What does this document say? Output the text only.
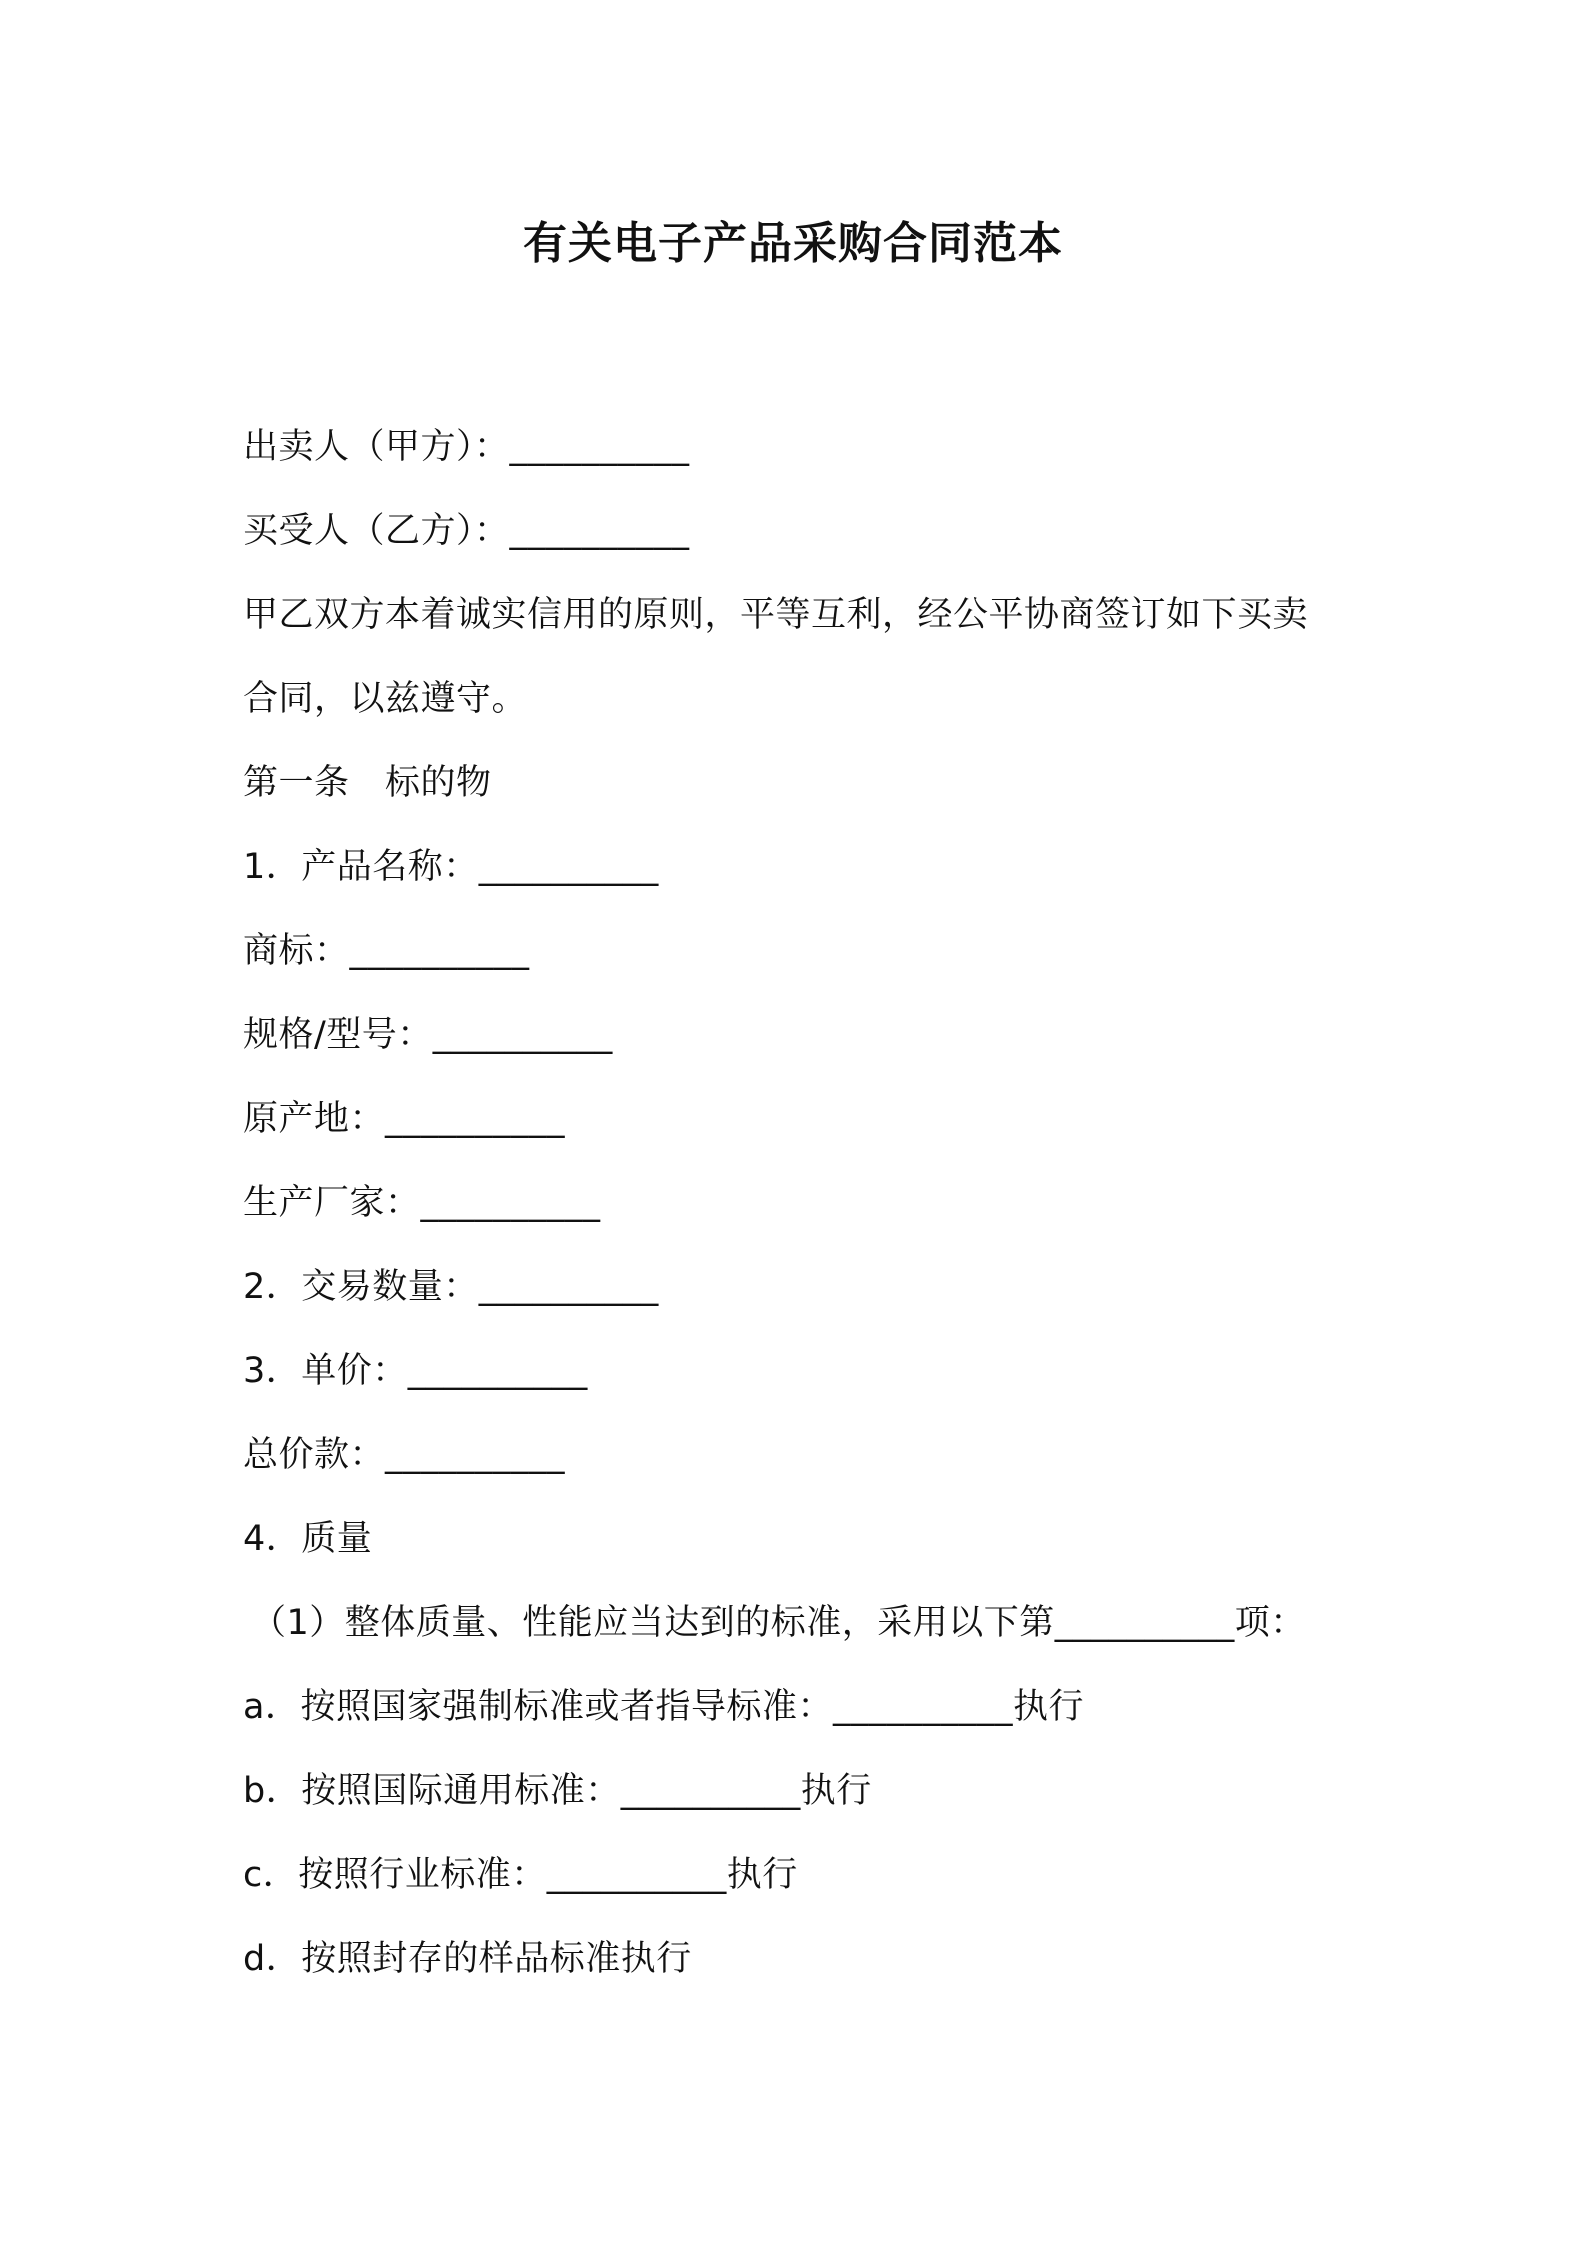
有关电子产品采购合同范本
出卖人（甲方）：__________
买受人（乙方）：__________
甲乙双方本着诚实信用的原则，平等互利，经公平协商签订如下买卖
合同，以兹遵守。
第一条　标的物
1．产品名称：__________
商标：__________
规格/型号：__________
原产地：__________
生产厂家：__________
2．交易数量：__________
3．单价：__________
总价款：__________
4．质量
（1）整体质量、性能应当达到的标准，采用以下第__________项：
a．按照国家强制标准或者指导标准：__________执行
b．按照国际通用标准：__________执行
c．按照行业标准：__________执行
d．按照封存的样品标准执行
